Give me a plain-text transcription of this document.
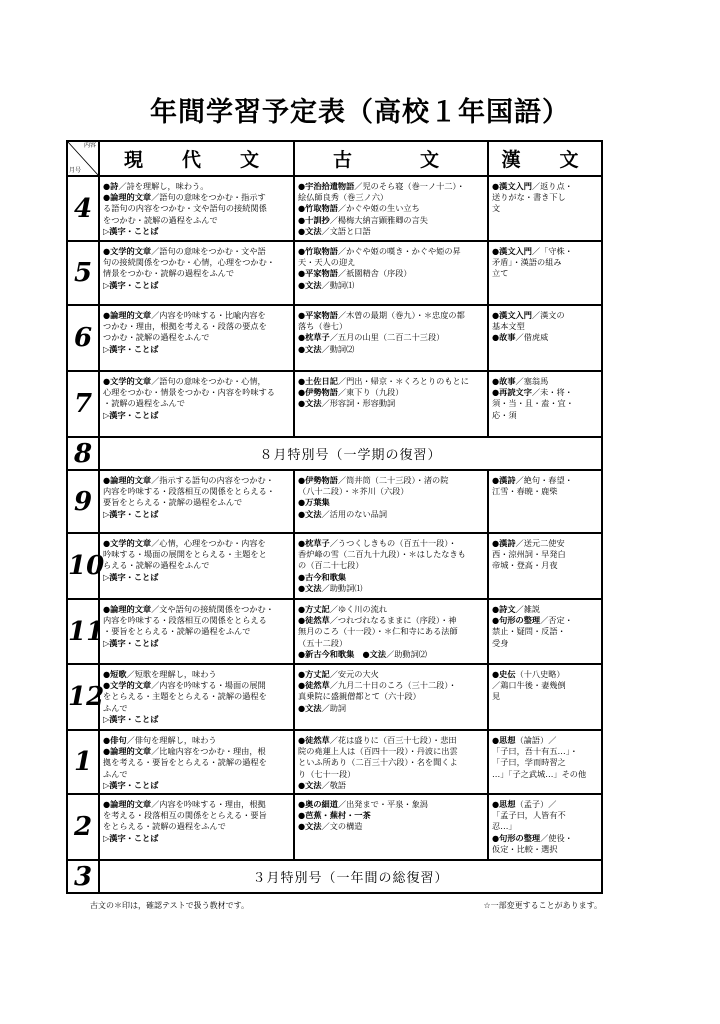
年間学習予定表（高校１年国語）
内容
月号	現　代　文	古　　文	漢　文
4	●詩／詩を理解し，味わう。
●論理的文章／語句の意味をつかむ・指示す
る語句の内容をつかむ・文や語句の接続関係
をつかむ・読解の過程をふんで
▷漢字・ことば	●宇治拾遺物語／児のそら寝（巻一ノ十二）・
絵仏師良秀（巻三ノ六）
●竹取物語／かぐや姫の生い立ち
●十訓抄／楊梅大納言顕雅卿の言失
●文法／文語と口語	●漢文入門／返り点・
送りがな・書き下し
文

5	●文学的文章／語句の意味をつかむ・文や語
句の接続関係をつかむ・心情，心理をつかむ・
情景をつかむ・読解の過程をふんで
▷漢字・ことば	●竹取物語／かぐや姫の嘆き・かぐや姫の昇
天・天人の迎え
●平家物語／祇園精舎（序段）
●文法／動詞⑴	●漢文入門／「守株・
矛盾」・漢語の組み
立て

6	●論理的文章／内容を吟味する・比喩内容を
つかむ・理由，根拠を考える・段落の要点を
つかむ・読解の過程をふんで
▷漢字・ことば	●平家物語／木曽の最期（巻九）・＊忠度の都
落ち（巻七）
●枕草子／五月の山里（二百二十三段）
●文法／動詞⑵	●漢文入門／漢文の
基本文型
●故事／借虎威

7	●文学的文章／語句の意味をつかむ・心情，
心理をつかむ・情景をつかむ・内容を吟味する
・読解の過程をふんで
▷漢字・ことば	●土佐日記／門出・帰京・＊くろとりのもとに
●伊勢物語／東下り（九段）
●文法／形容詞・形容動詞	●故事／塞翁馬
●再読文字／未・将・
須・当・且・盍・宜・
応・須

8	８月特別号（一学期の復習）		
9	●論理的文章／指示する語句の内容をつかむ・
内容を吟味する・段落相互の関係をとらえる・
要旨をとらえる・読解の過程をふんで
▷漢字・ことば	●伊勢物語／筒井筒（二十三段）・渚の院
（八十二段）・＊芥川（六段）
●万葉集
●文法／活用のない品詞	●漢詩／絶句・春望・
江雪・春暁・鹿柴

10	●文学的文章／心情，心理をつかむ・内容を
吟味する・場面の展開をとらえる・主題をと
らえる・読解の過程をふんで
▷漢字・ことば	●枕草子／うつくしきもの（百五十一段）・
香炉峰の雪（二百九十九段）・＊はしたなきも
の（百二十七段）
●古今和歌集
●文法／助動詞⑴	●漢詩／送元二使安
西・涼州詞・早発白
帝城・登高・月夜

11	●論理的文章／文や語句の接続関係をつかむ・
内容を吟味する・段落相互の関係をとらえる
・要旨をとらえる・読解の過程をふんで
▷漢字・ことば	●方丈記／ゆく川の流れ
●徒然草／つれづれなるままに（序段）・神
無月のころ（十一段）・＊仁和寺にある法師
（五十二段）
●新古今和歌集　 ●文法／助動詞⑵	●詩文／雑説
●句形の整理／否定・
禁止・疑問・反語・
受身

12	●短歌／短歌を理解し，味わう
●文学的文章／内容を吟味する・場面の展開
をとらえる・主題をとらえる・読解の過程を
ふんで
▷漢字・ことば	●方丈記／安元の大火
●徒然草／九月二十日のころ（三十二段）・
真乗院に盛親僧都とて（六十段）
●文法／助詞	●史伝（十八史略）
／鶏口牛後・妻幾倒
見

1	●俳句／俳句を理解し，味わう
●論理的文章／比喩内容をつかむ・理由，根
拠を考える・要旨をとらえる・読解の過程を
ふんで
▷漢字・ことば	●徒然草／花は盛りに（百三十七段）・悲田
院の堯蓮上人は（百四十一段）・丹波に出雲
といふ所あり（二百三十六段）・名を聞くよ
り（七十一段）
●文法／敬語	●思想（論語）／
「子曰，吾十有五…」・
「子曰，学而時習之
…」「子之武城…」その他

2	●論理的文章／内容を吟味する・理由，根拠
を考える・段落相互の関係をとらえる・要旨
をとらえる・読解の過程をふんで
▷漢字・ことば	●奥の細道／出発まで・平泉・象潟
●芭蕉・蕪村・一茶
●文法／文の構造	●思想（孟子）／
「孟子曰，人皆有不
忍…」
●句形の整理／使役・
仮定・比較・選択

3	３月特別号（一年間の総復習）		
古文の＊印は，確認テストで扱う教材です。	☆一部変更することがあります。
